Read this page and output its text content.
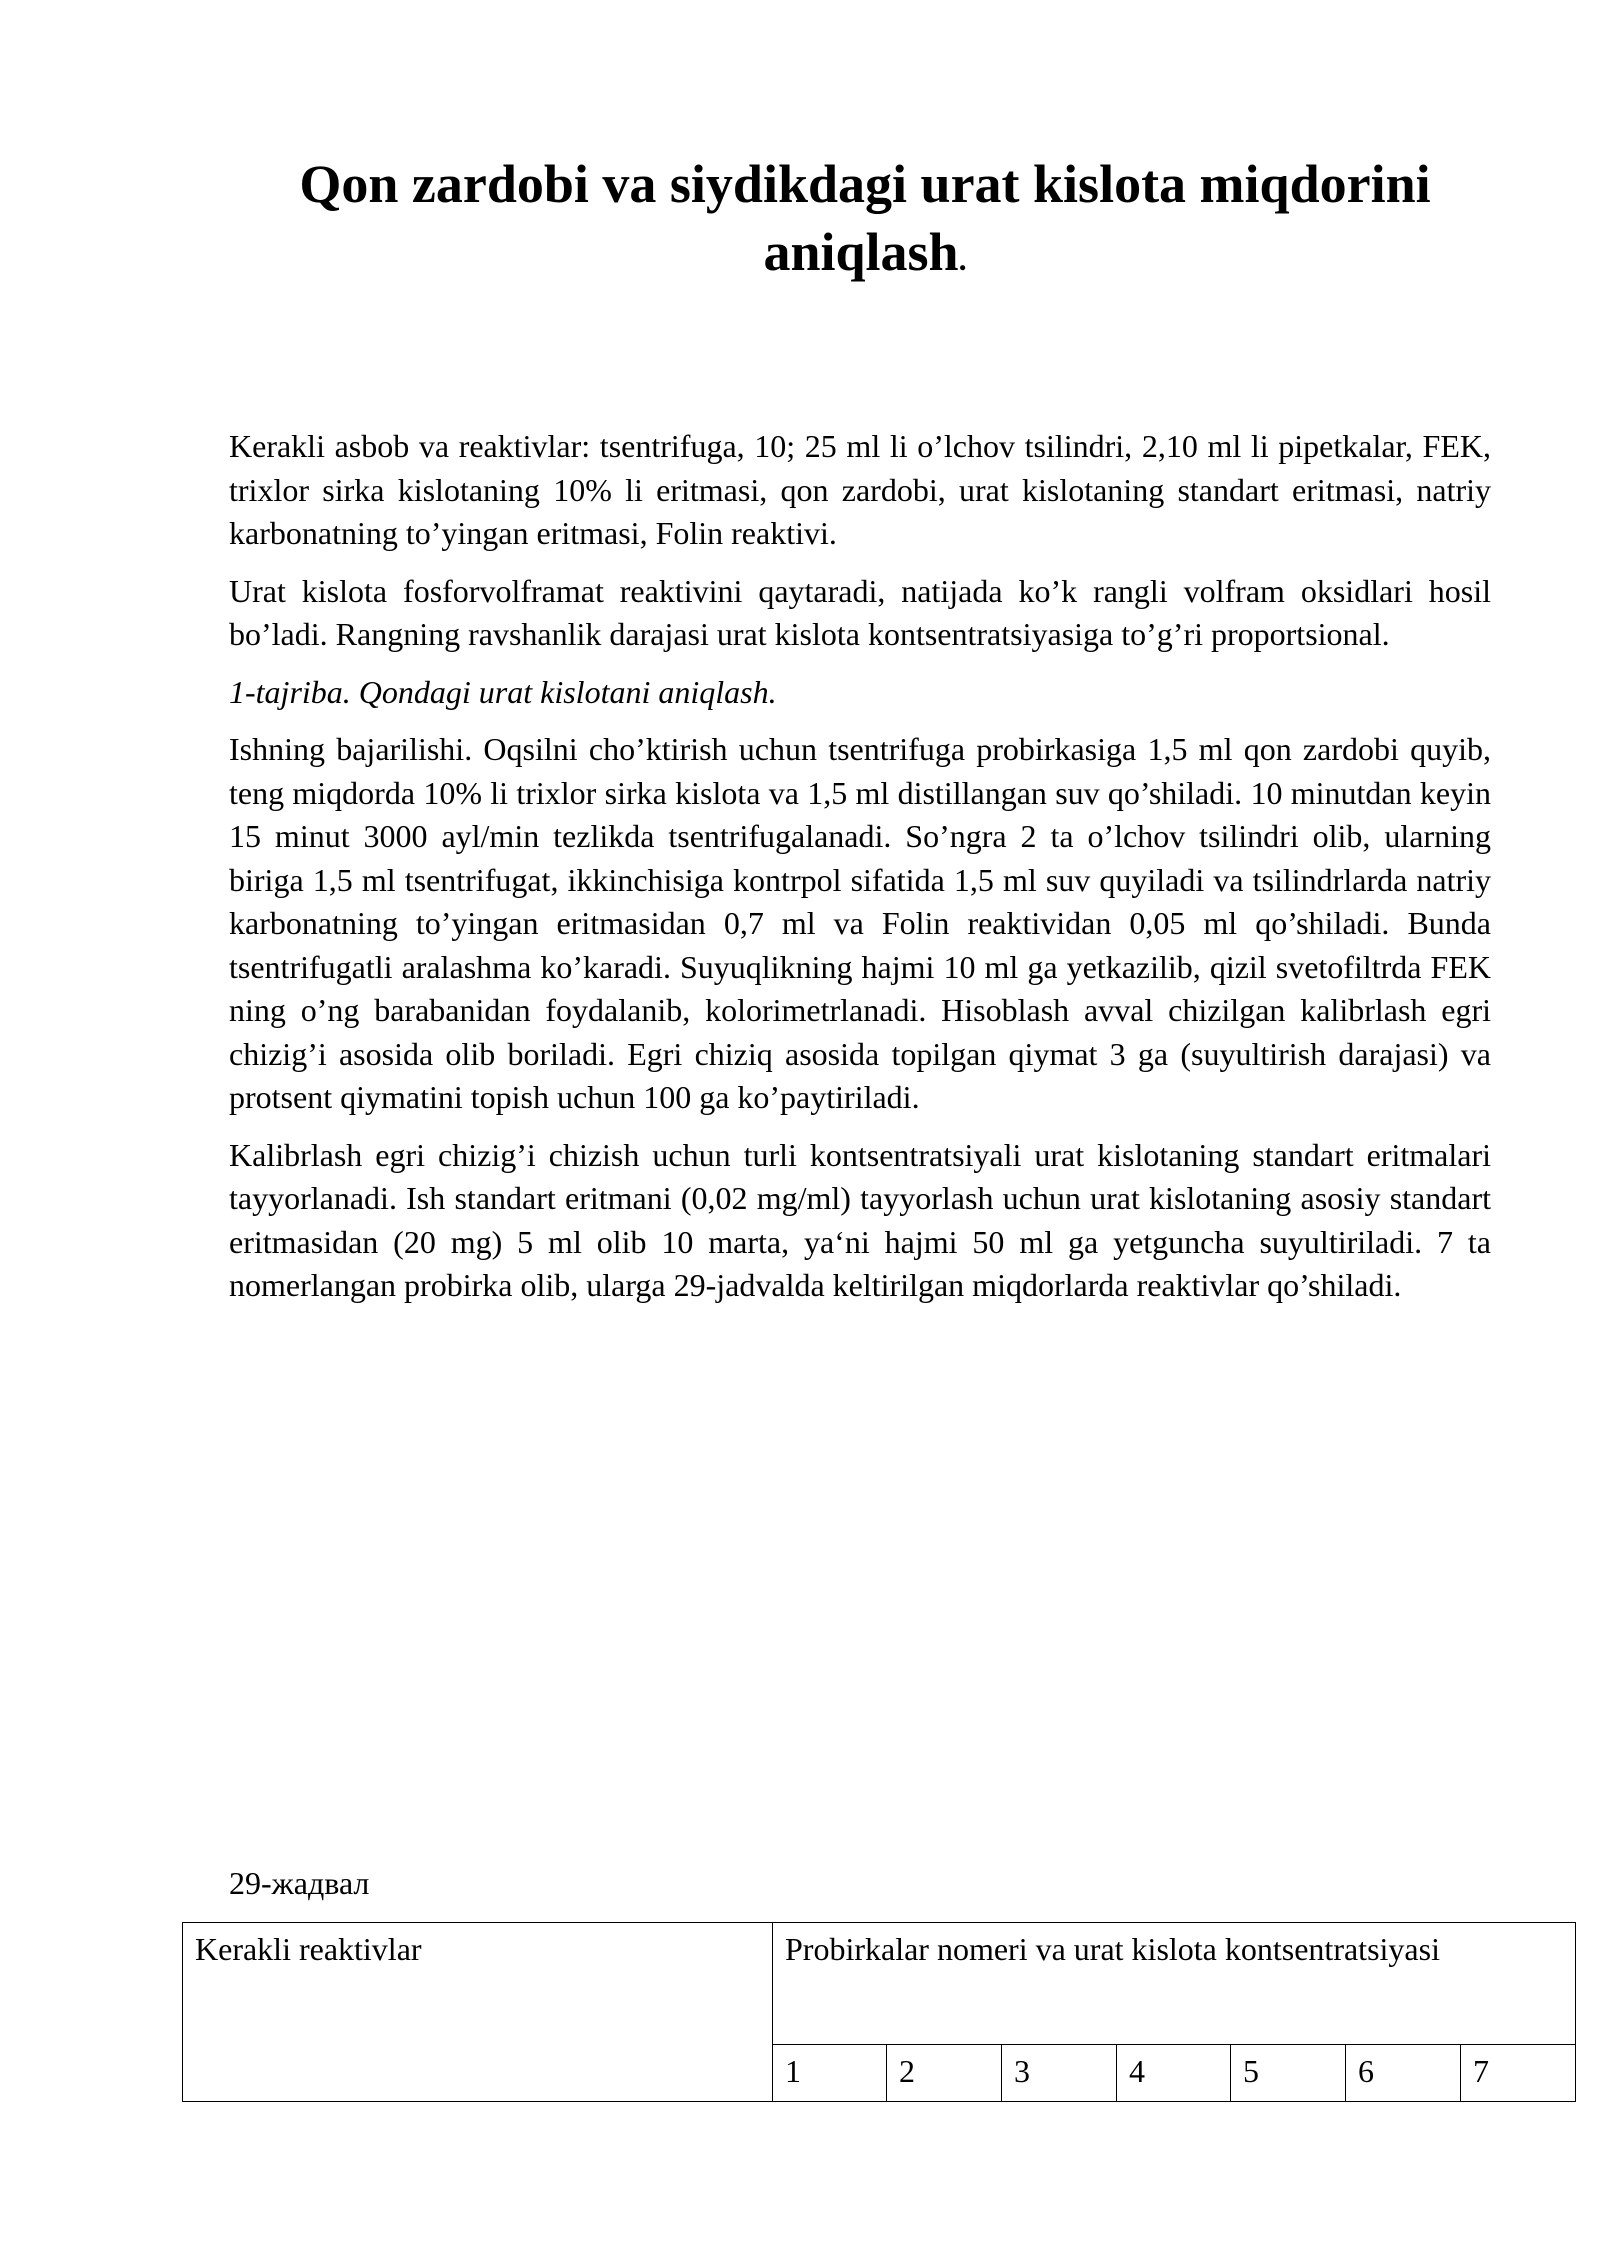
Qon zardobi va siydikdagi urat kislota miqdorini aniqlash.

Kerakli asbob va reaktivlar: tsentrifuga, 10; 25 ml li o’lchov tsilindri, 2,10 ml li pipetkalar, FEK, trixlor sirka kislotaning 10% li eritmasi, qon zardobi, urat kislotaning standart eritmasi, natriy karbonatning to’yingan eritmasi, Folin reaktivi.

Urat kislota fosforvolframat reaktivini qaytaradi, natijada ko’k rangli volfram oksidlari hosil bo’ladi. Rangning ravshanlik darajasi urat kislota kontsentratsiyasiga to’g’ri proportsional.

1-tajriba. Qondagi urat kislotani aniqlash.

Ishning bajarilishi. Oqsilni cho’ktirish uchun tsentrifuga probirkasiga 1,5 ml qon zardobi quyib, teng miqdorda 10% li trixlor sirka kislota va 1,5 ml distillangan suv qo’shiladi. 10 minutdan keyin 15 minut 3000 ayl/min tezlikda tsentrifugalanadi. So’ngra 2 ta o’lchov tsilindri olib, ularning biriga 1,5 ml tsentrifugat, ikkinchisiga kontrpol sifatida 1,5 ml suv quyiladi va tsilindrlarda natriy karbonatning to’yingan eritmasidan 0,7 ml va Folin reaktividan 0,05 ml qo’shiladi. Bunda tsentrifugatli aralashma ko’karadi. Suyuqlikning hajmi 10 ml ga yetkazilib, qizil svetofiltrda FEK ning o’ng barabanidan foydalanib, kolorimetrlanadi. Hisoblash avval chizilgan kalibrlash egri chizig’i asosida olib boriladi. Egri chiziq asosida topilgan qiymat 3 ga (suyultirish darajasi) va protsent qiymatini topish uchun 100 ga ko’paytiriladi.

Kalibrlash egri chizig’i chizish uchun turli kontsentratsiyali urat kislotaning standart eritmalari tayyorlanadi. Ish standart eritmani (0,02 mg/ml) tayyorlash uchun urat kislotaning asosiy standart eritmasidan (20 mg) 5 ml olib 10 marta, ya‘ni hajmi 50 ml ga yetguncha suyultiriladi. 7 ta nomerlangan probirka olib, ularga 29-jadvalda keltirilgan miqdorlarda reaktivlar qo’shiladi.

29-жадвал

Kerakli reaktivlar	Probirkalar nomeri va urat kislota kontsentratsiyasi						
	1	2	3	4	5	6	7
